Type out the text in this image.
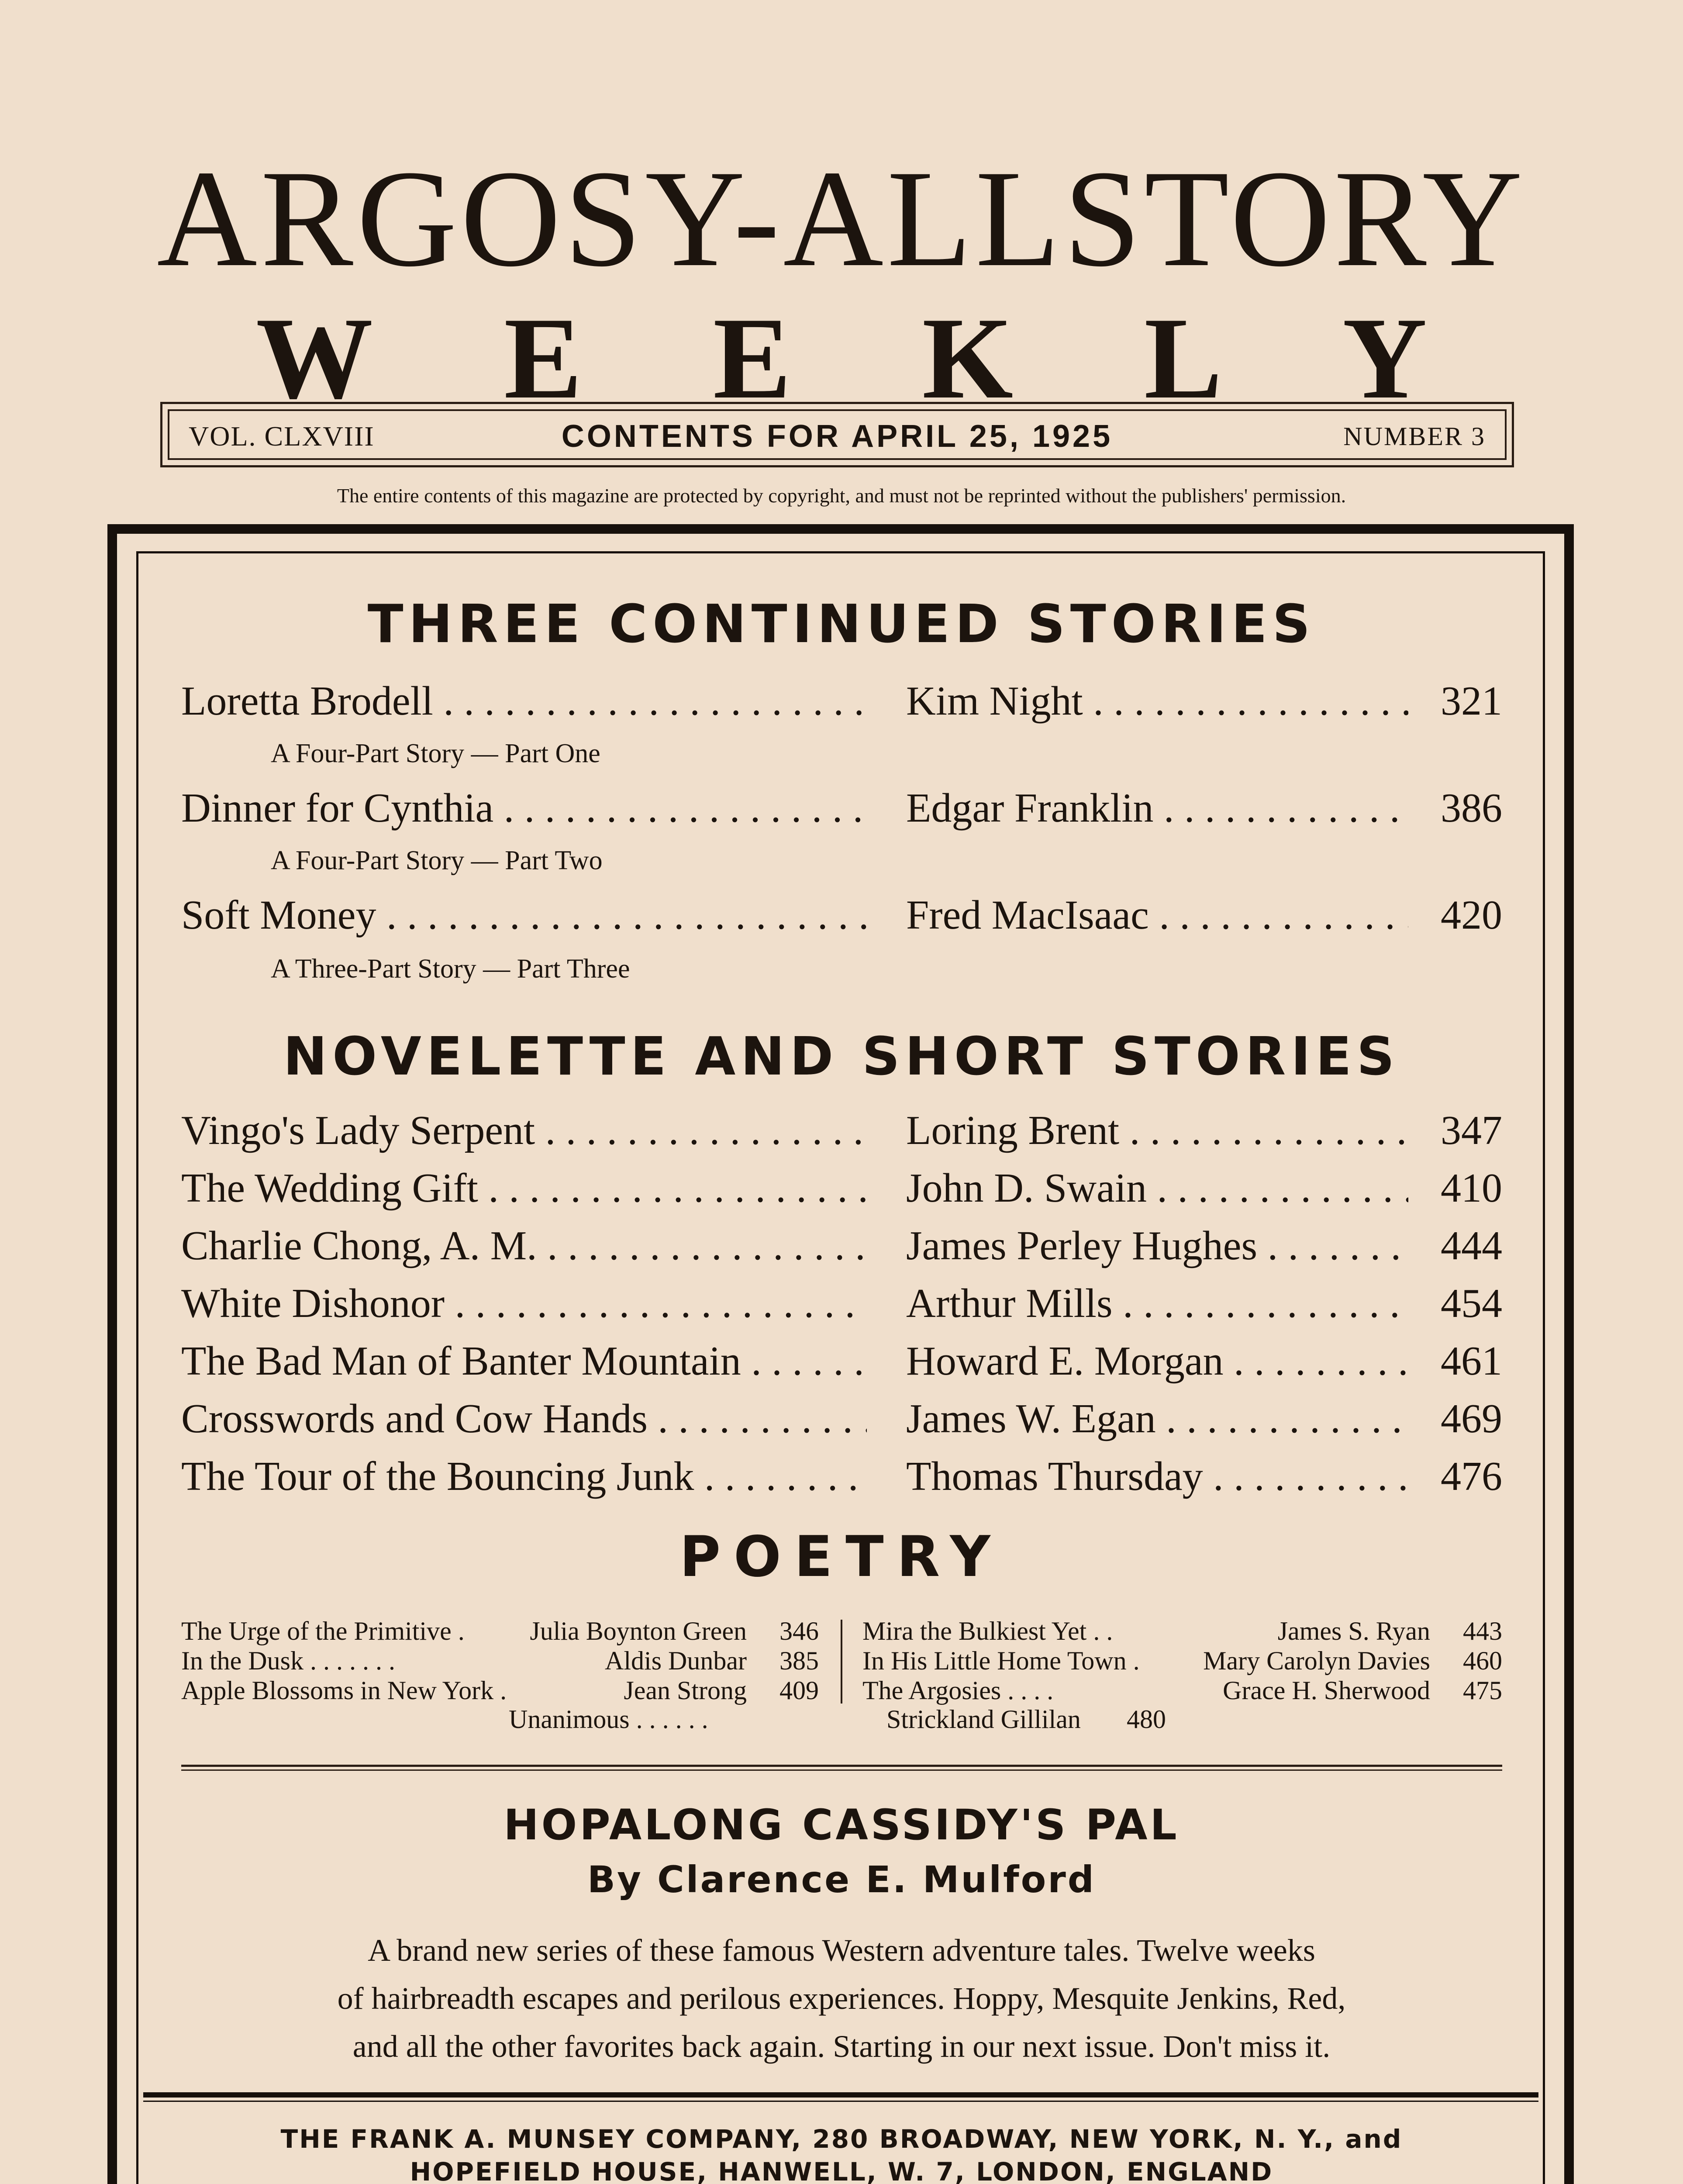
ARGOSY-ALLSTORY
WEEKLY
VOL. CLXVIII	CONTENTS FOR APRIL 25, 1925	NUMBER 3
The entire contents of this magazine are protected by copyright, and must not be reprinted without the publishers' permission.
THREE CONTINUED STORIES
Loretta Brodell . .	Kim Night . .	321
A Four-Part Story — Part One
Dinner for Cynthia . .	Edgar Franklin . .	386
A Four-Part Story — Part Two
Soft Money . .	Fred MacIsaac . .	420
A Three-Part Story — Part Three
NOVELETTE AND SHORT STORIES
Vingo's Lady Serpent . .	Loring Brent . .	347
The Wedding Gift . .	John D. Swain . .	410
Charlie Chong, A. M. . .	James Perley Hughes . .	444
White Dishonor . .	Arthur Mills . .	454
The Bad Man of Banter Mountain . .	Howard E. Morgan . .	461
Crosswords and Cow Hands . .	James W. Egan . .	469
The Tour of the Bouncing Junk . .	Thomas Thursday . .	476
POETRY
The Urge of the Primitive . Julia Boynton Green	346
In the Dusk . . . . . . .	Aldis Dunbar	385
Apple Blossoms in New York .	Jean Strong	409
Mira the Bulkiest Yet . .	James S. Ryan	443
In His Little Home Town . Mary Carolyn Davies	460
The Argosies . . . .	Grace H. Sherwood	475
Unanimous . . . . . .	Strickland Gillilan 480
HOPALONG CASSIDY'S PAL
By Clarence E. Mulford
A brand new series of these famous Western adventure tales. Twelve weeks
of hairbreadth escapes and perilous experiences. Hoppy, Mesquite Jenkins, Red,
and all the other favorites back again. Starting in our next issue. Don't miss it.
THE FRANK A. MUNSEY COMPANY, 280 BROADWAY, NEW YORK, N. Y., and
HOPEFIELD HOUSE, HANWELL, W. 7, LONDON, ENGLAND
